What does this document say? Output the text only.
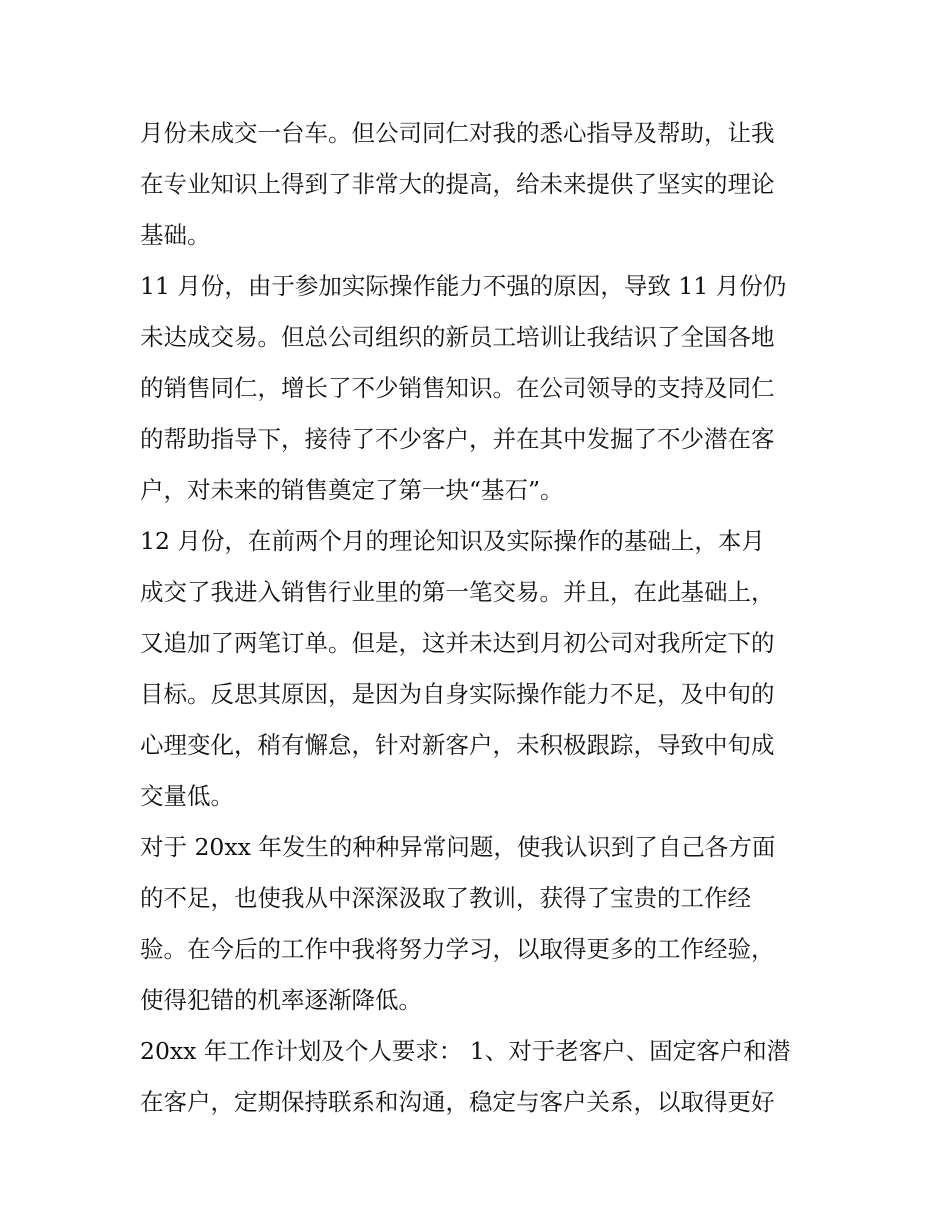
月份未成交一台车。但公司同仁对我的悉心指导及帮助，让我
在专业知识上得到了非常大的提高，给未来提供了坚实的理论
基础。
11 月份，由于参加实际操作能力不强的原因，导致 11 月份仍
未达成交易。但总公司组织的新员工培训让我结识了全国各地
的销售同仁，增长了不少销售知识。在公司领导的支持及同仁
的帮助指导下，接待了不少客户，并在其中发掘了不少潜在客
户，对未来的销售奠定了第一块“基石”。
12 月份，在前两个月的理论知识及实际操作的基础上，本月
成交了我进入销售行业里的第一笔交易。并且，在此基础上，
又追加了两笔订单。但是，这并未达到月初公司对我所定下的
目标。反思其原因，是因为自身实际操作能力不足，及中旬的
心理变化，稍有懈怠，针对新客户，未积极跟踪，导致中旬成
交量低。
对于 20xx 年发生的种种异常问题，使我认识到了自己各方面
的不足，也使我从中深深汲取了教训，获得了宝贵的工作经
验。在今后的工作中我将努力学习，以取得更多的工作经验，
使得犯错的机率逐渐降低。
20xx 年工作计划及个人要求： 1、对于老客户、固定客户和潜
在客户，定期保持联系和沟通，稳定与客户关系，以取得更好
